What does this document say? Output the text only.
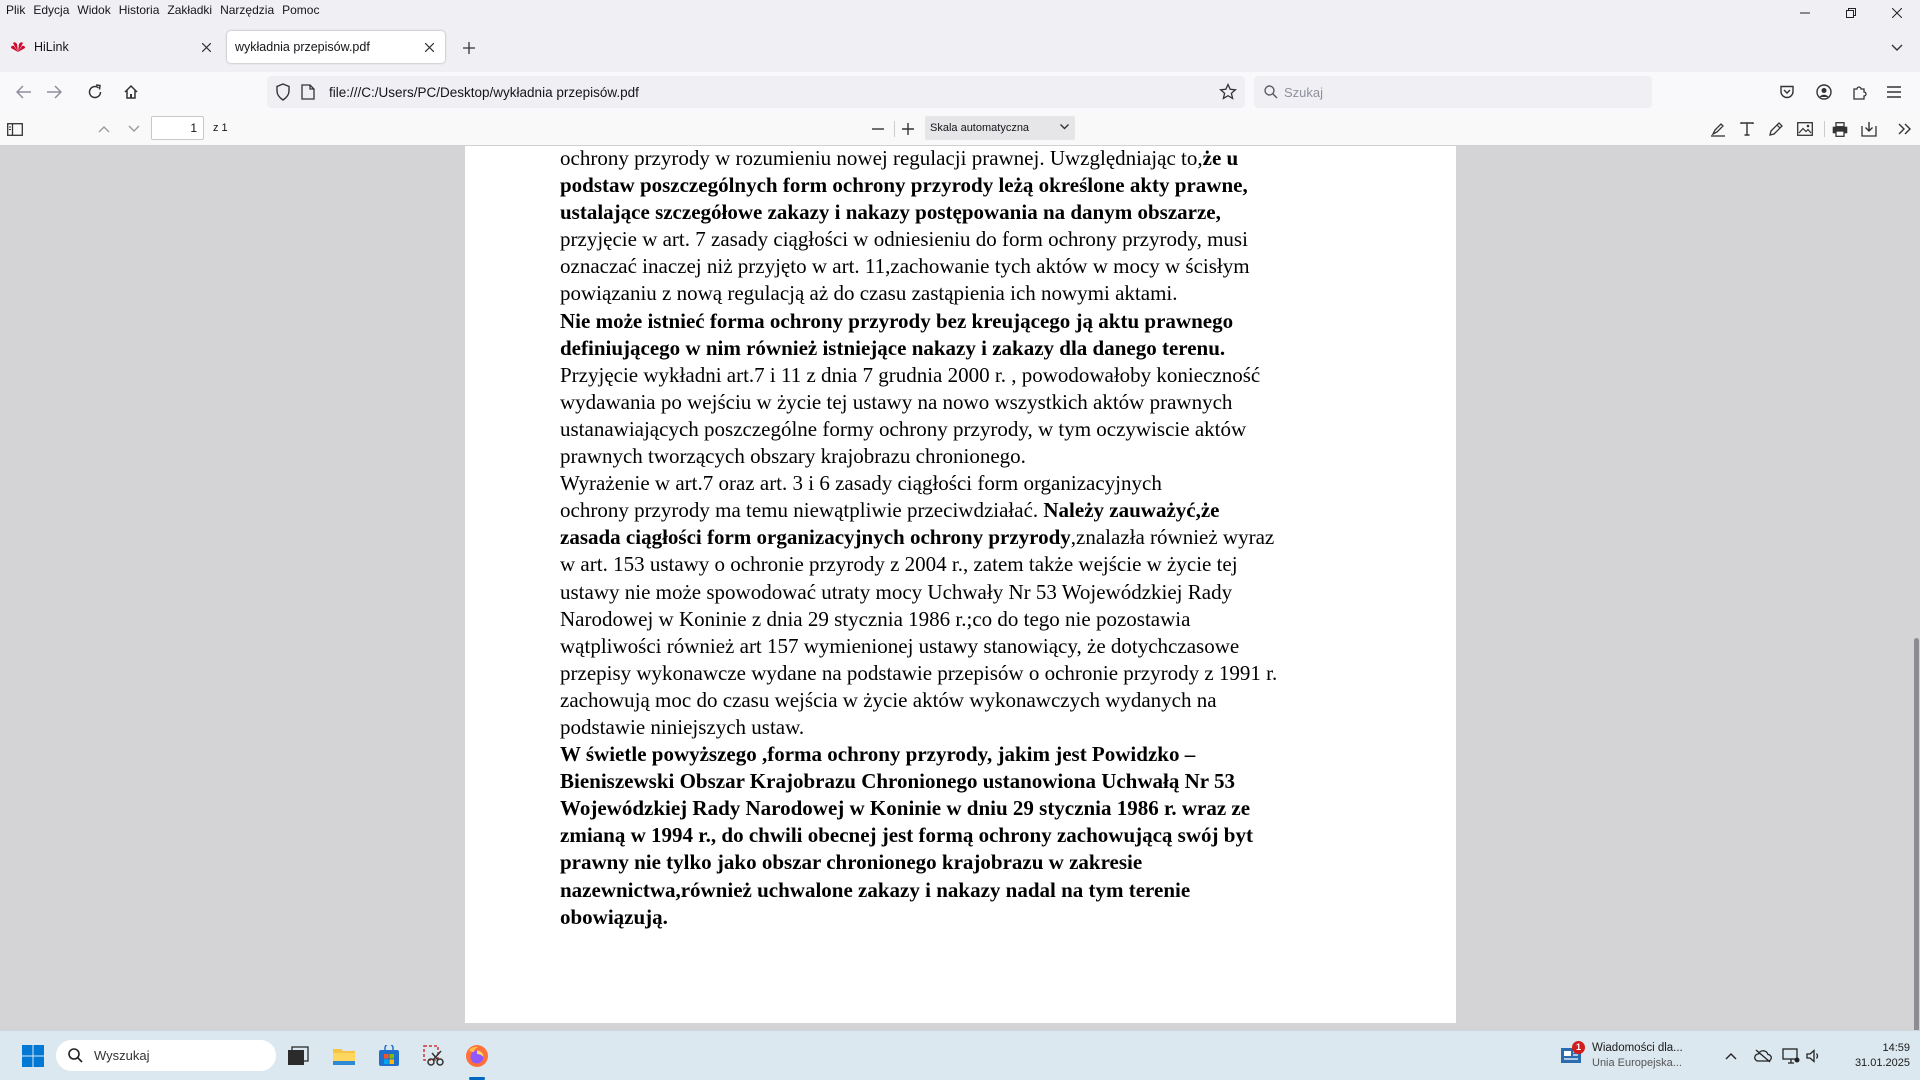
Plik Edycja Widok Historia Zakładki Narzędzia Pomoc
HiLink	wykładnia przepisów.pdf
file:///C:/Users/PC/Desktop/wykładnia przepisów.pdf	Szukaj
1	z 1	Skala automatyczna
ochrony przyrody w rozumieniu nowej regulacji prawnej. Uwzględniając to,że u
podstaw poszczególnych form ochrony przyrody leżą określone akty prawne,
ustalające szczegółowe zakazy i nakazy postępowania na danym obszarze,
przyjęcie w art. 7 zasady ciągłości w odniesieniu do form ochrony przyrody, musi
oznaczać inaczej niż przyjęto w art. 11,zachowanie tych aktów w mocy w ścisłym
powiązaniu z nową regulacją aż do czasu zastąpienia ich nowymi aktami.
Nie może istnieć forma ochrony przyrody bez kreującego ją aktu prawnego
definiującego w nim również istniejące nakazy i zakazy dla danego terenu.
Przyjęcie wykładni art.7 i 11 z dnia 7 grudnia 2000 r. , powodowałoby konieczność
wydawania po wejściu w życie tej ustawy na nowo wszystkich aktów prawnych
ustanawiających poszczególne formy ochrony przyrody, w tym oczywiscie aktów
prawnych tworzących obszary krajobrazu chronionego.
Wyrażenie w art.7 oraz art. 3 i 6 zasady ciągłości form organizacyjnych
ochrony przyrody ma temu niewątpliwie przeciwdziałać. Należy zauważyć,że
zasada ciągłości form organizacyjnych ochrony przyrody,znalazła również wyraz
w art. 153 ustawy o ochronie przyrody z 2004 r., zatem także wejście w życie tej
ustawy nie może spowodować utraty mocy Uchwały Nr 53 Wojewódzkiej Rady
Narodowej w Koninie z dnia 29 stycznia 1986 r.;co do tego nie pozostawia
wątpliwości również art 157 wymienionej ustawy stanowiący, że dotychczasowe
przepisy wykonawcze wydane na podstawie przepisów o ochronie przyrody z 1991 r.
zachowują moc do czasu wejścia w życie aktów wykonawczych wydanych na
podstawie niniejszych ustaw.
W świetle powyższego ,forma ochrony przyrody, jakim jest Powidzko –
Bieniszewski Obszar Krajobrazu Chronionego ustanowiona Uchwałą Nr 53
Wojewódzkiej Rady Narodowej w Koninie w dniu 29 stycznia 1986 r. wraz ze
zmianą w 1994 r., do chwili obecnej jest formą ochrony zachowującą swój byt
prawny nie tylko jako obszar chronionego krajobrazu w zakresie
nazewnictwa,również uchwalone zakazy i nakazy nadal na tym terenie
obowiązują.
Wyszukaj
1 Wiadomości dla...
Unia Europejska...
14:59
31.01.2025
